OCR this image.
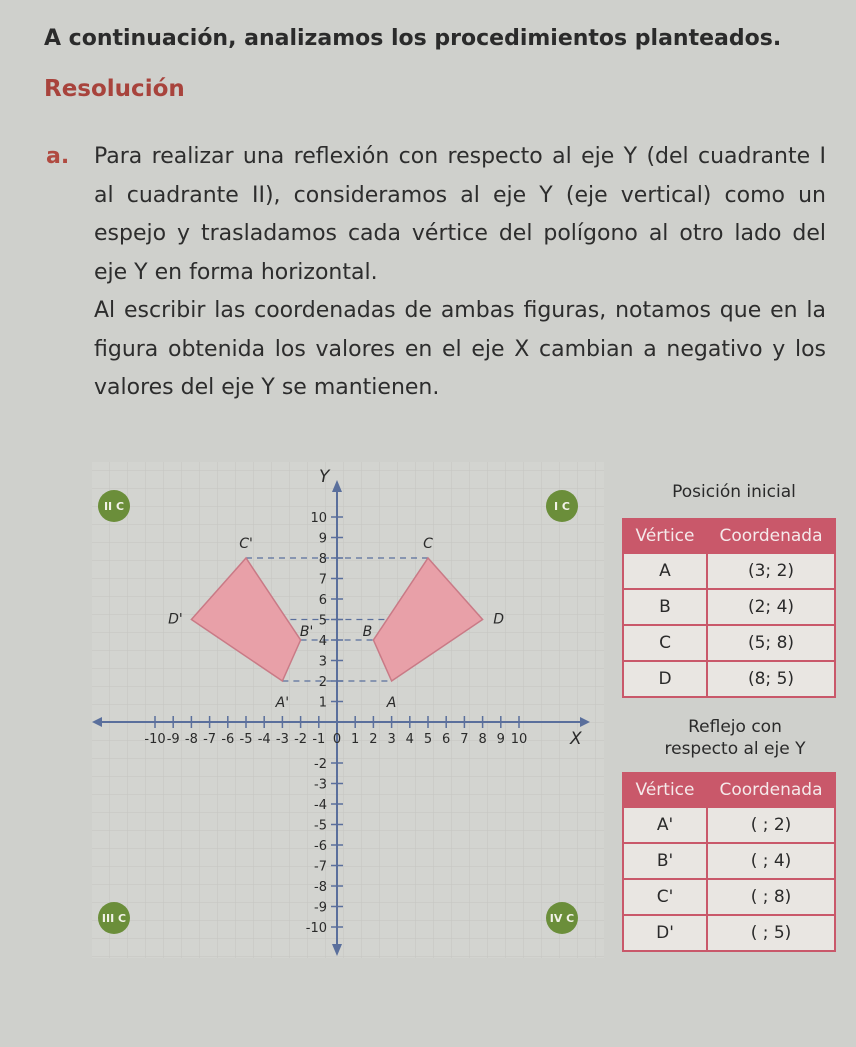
A continuación, analizamos los procedimientos planteados.
Resolución
a. Para realizar una reflexión con respecto al eje Y (del cuadrante I al cuadrante II), consideramos al eje Y (eje vertical) como un espejo y trasladamos cada vértice del polígono al otro lado del eje Y en forma horizontal.

Al escribir las coordenadas de ambas figuras, notamos que en la figura obtenida los valores en el eje X cambian a negativo y los valores del eje Y se mantienen.

X
Y
-10 -9 -8 -7 -6 -5 -4 -3 -2 -1 0 1 2 3 4 5 6 7 8 9 10
10
9
8
7
6
5
4
3
2
1
-2
-3
-4
-5
-6
-7
-8
-9
-10
I C
II C
III C	IV C
A
B
C
D
A'
B'
C'
D'
Posición inicial
Vértice	Coordenada
A	(3; 2)
B	(2; 4)
C	(5; 8)
D	(8; 5)
Reflejo con
respecto al eje Y
Vértice	Coordenada
A'	( ; 2)
B'	( ; 4)
C'	( ; 8)
D'	( ; 5)
